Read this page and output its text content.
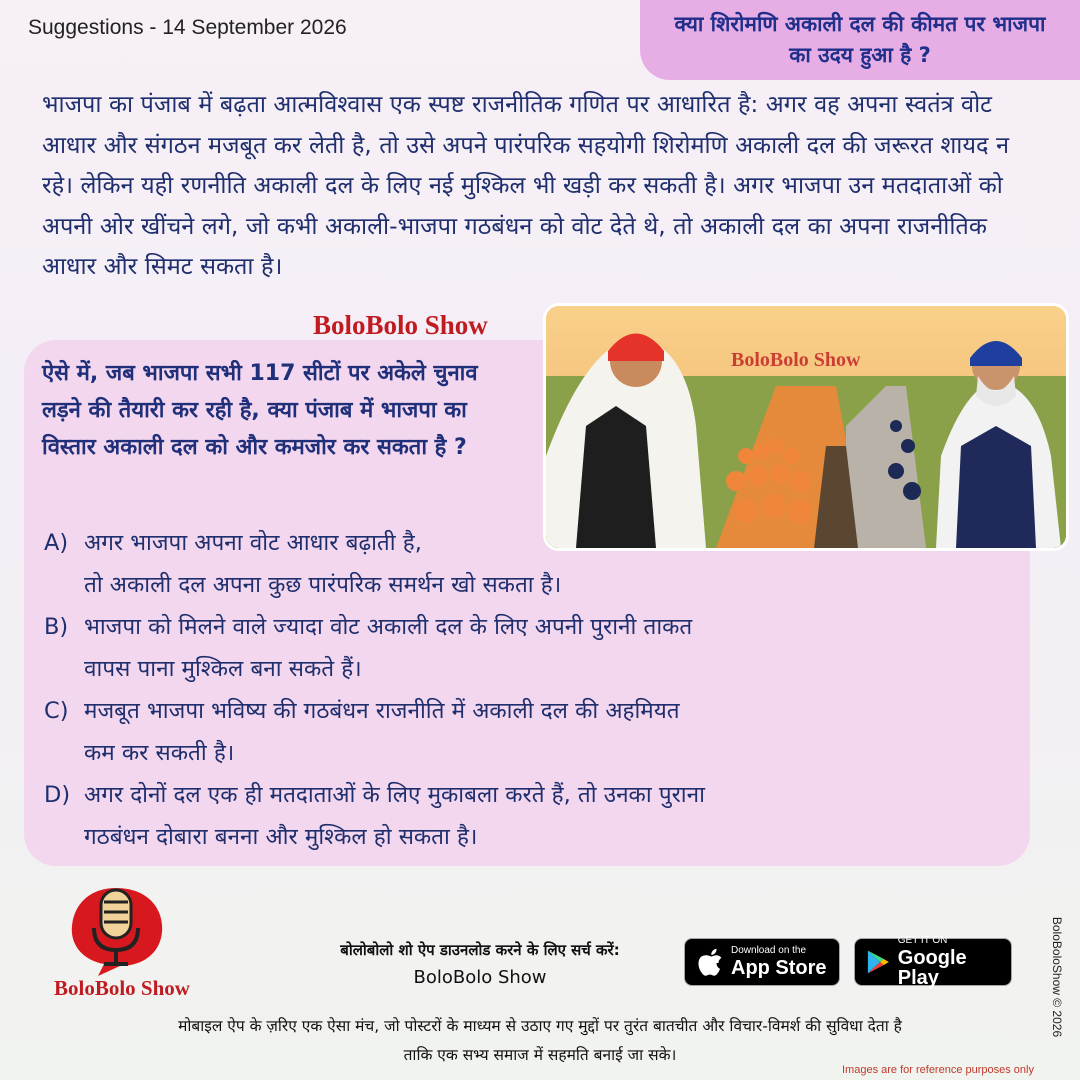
Suggestions - 14 September 2026	क्या शिरोमणि अकाली दल की कीमत पर भाजपा का उदय हुआ है ?
भाजपा का पंजाब में बढ़ता आत्मविश्वास एक स्पष्ट राजनीतिक गणित पर आधारित है: अगर वह अपना स्वतंत्र वोट आधार और संगठन मजबूत कर लेती है, तो उसे अपने पारंपरिक सहयोगी शिरोमणि अकाली दल की जरूरत शायद न रहे। लेकिन यही रणनीति अकाली दल के लिए नई मुश्किल भी खड़ी कर सकती है। अगर भाजपा उन मतदाताओं को अपनी ओर खींचने लगे, जो कभी अकाली-भाजपा गठबंधन को वोट देते थे, तो अकाली दल का अपना राजनीतिक आधार और सिमट सकता है।
BoloBolo Show
BoloBolo Show
ऐसे में, जब भाजपा सभी 117 सीटों पर अकेले चुनाव लड़ने की तैयारी कर रही है, क्या पंजाब में भाजपा का विस्तार अकाली दल को और कमजोर कर सकता है ?
A) अगर भाजपा अपना वोट आधार बढ़ाती है,
तो अकाली दल अपना कुछ पारंपरिक समर्थन खो सकता है।
B) भाजपा को मिलने वाले ज्यादा वोट अकाली दल के लिए अपनी पुरानी ताकत
वापस पाना मुश्किल बना सकते हैं।
C) मजबूत भाजपा भविष्य की गठबंधन राजनीति में अकाली दल की अहमियत
कम कर सकती है।
D) अगर दोनों दल एक ही मतदाताओं के लिए मुकाबला करते हैं, तो उनका पुराना
गठबंधन दोबारा बनना और मुश्किल हो सकता है।
BoloBolo Show
बोलोबोलो शो ऐप डाउनलोड करने के लिए सर्च करें:
BoloBolo Show
Download on the
App Store
GET IT ON
Google Play
मोबाइल ऐप के ज़रिए एक ऐसा मंच, जो पोस्टरों के माध्यम से उठाए गए मुद्दों पर तुरंत बातचीत और विचार-विमर्श की सुविधा देता है
ताकि एक सभ्य समाज में सहमति बनाई जा सके।
Images are for reference purposes only
BoloBoloShow © 2026
